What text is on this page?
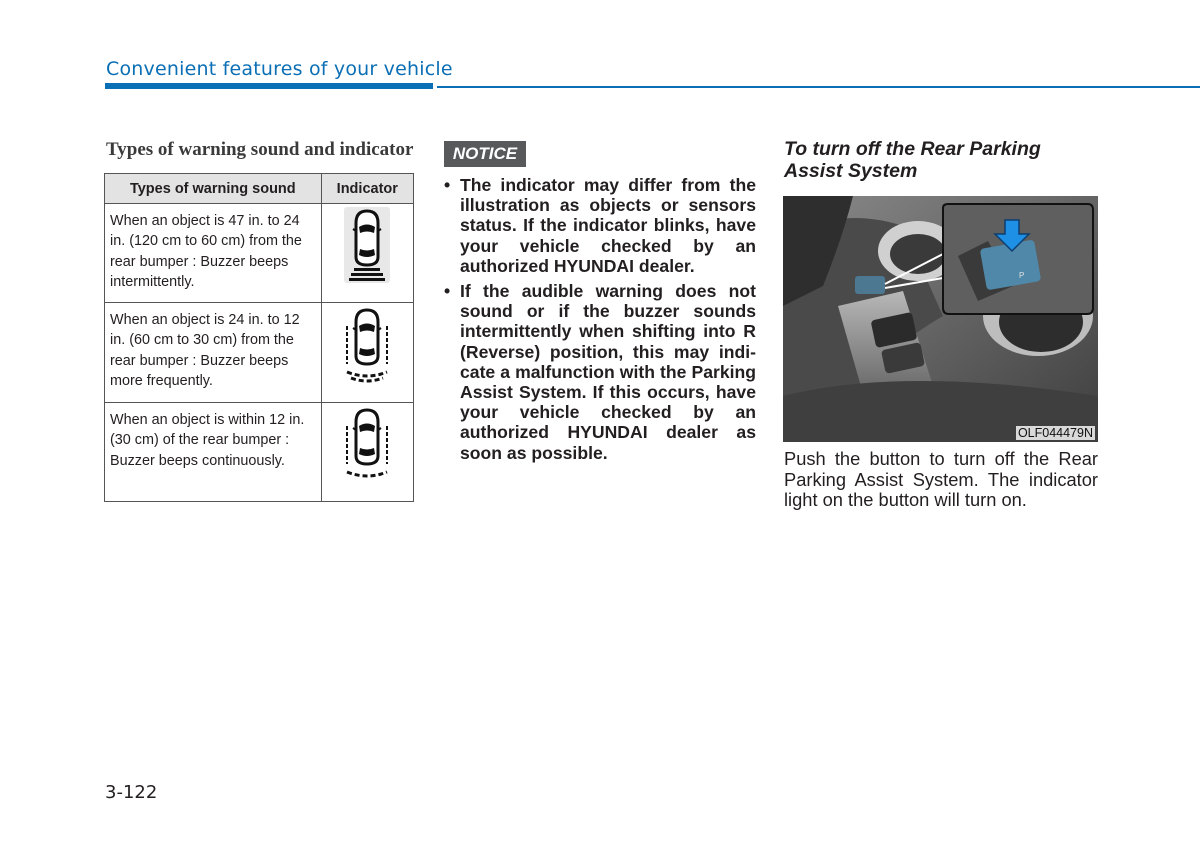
Convenient features of your vehicle
Types of warning sound and indicator
Types of warning sound	Indicator
When an object is 47 in. to 24 in. (120 cm to 60 cm) from the rear bumper : Buzzer beeps intermittently.	
When an object is 24 in. to 12 in. (60 cm to 30 cm) from the rear bumper : Buzzer beeps more frequently.	
When an object is within 12 in. (30 cm) of the rear bumper : Buzzer beeps continuously.	
NOTICE
• The indicator may differ from the illustration as objects or sensors status. If the indicator blinks, have your vehicle checked by an authorized HYUNDAI dealer.
• If the audible warning does not sound or if the buzzer sounds intermittently when shifting into R (Reverse) position, this may indi-cate a malfunction with the Parking Assist System. If this occurs, have your vehicle checked by an authorized HYUNDAI dealer as soon as possible.
To turn off the Rear Parking Assist System
P
OLF044479N
Push the button to turn off the Rear Parking Assist System. The indicator light on the button will turn on.
3-122
